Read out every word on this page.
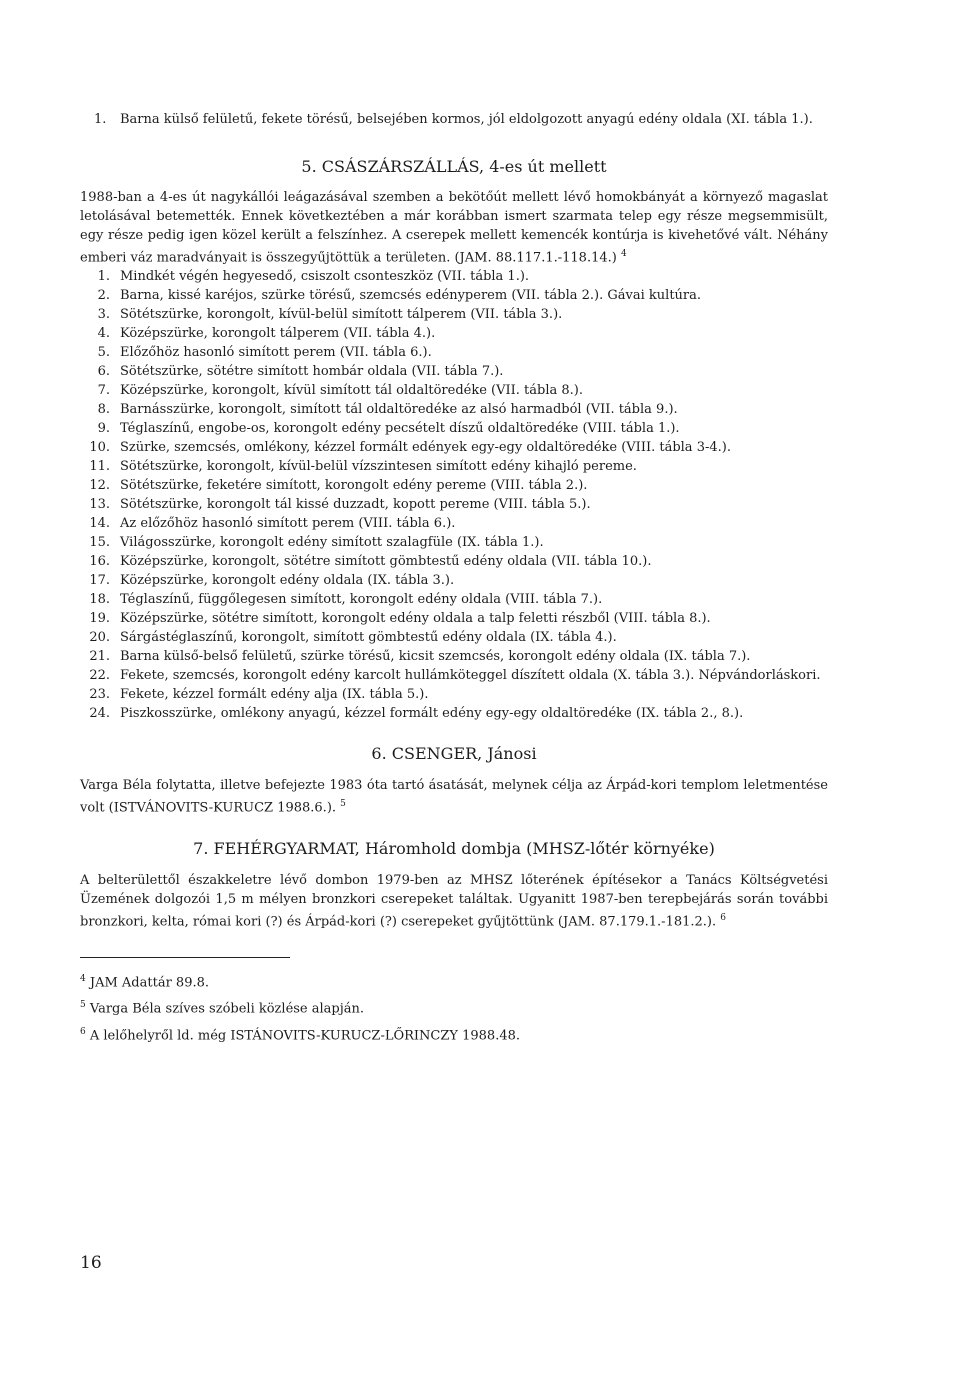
1. Barna külső felületű, fekete törésű, belsejében kormos, jól eldolgozott anyagú edény oldala (XI. tábla 1.).
5. CSÁSZÁRSZÁLLÁS, 4-es út mellett

1988-ban a 4-es út nagykállói leágazásával szemben a bekötőút mellett lévő homokbányát a környező magaslat letolásával betemették. Ennek következtében a már korábban ismert szarmata telep egy része megsemmisült, egy része pedig igen közel került a felszínhez. A cserepek mellett kemencék kontúrja is kivehetővé vált. Néhány emberi váz maradványait is összegyűjtöttük a területen. (JAM. 88.117.1.-118.14.) $^4$

1. Mindkét végén hegyesedő, csiszolt csonteszköz (VII. tábla 1.).
2. Barna, kissé karéjos, szürke törésű, szemcsés edényperem (VII. tábla 2.). Gávai kultúra.
3. Sötétszürke, korongolt, kívül-belül simított tálperem (VII. tábla 3.).
4. Középszürke, korongolt tálperem (VII. tábla 4.).
5. Előzőhöz hasonló simított perem (VII. tábla 6.).
6. Sötétszürke, sötétre simított hombár oldala (VII. tábla 7.).
7. Középszürke, korongolt, kívül simított tál oldaltöredéke (VII. tábla 8.).
8. Barnásszürke, korongolt, simított tál oldaltöredéke az alsó harmadból (VII. tábla 9.).
9. Téglaszínű, engobe-os, korongolt edény pecsételt díszű oldaltöredéke (VIII. tábla 1.).
10. Szürke, szemcsés, omlékony, kézzel formált edények egy-egy oldaltöredéke (VIII. tábla 3-4.).
11. Sötétszürke, korongolt, kívül-belül vízszintesen simított edény kihajló pereme.
12. Sötétszürke, feketére simított, korongolt edény pereme (VIII. tábla 2.).
13. Sötétszürke, korongolt tál kissé duzzadt, kopott pereme (VIII. tábla 5.).
14. Az előzőhöz hasonló simított perem (VIII. tábla 6.).
15. Világosszürke, korongolt edény simított szalagfüle (IX. tábla 1.).
16. Középszürke, korongolt, sötétre simított gömbtestű edény oldala (VII. tábla 10.).
17. Középszürke, korongolt edény oldala (IX. tábla 3.).
18. Téglaszínű, függőlegesen simított, korongolt edény oldala (VIII. tábla 7.).
19. Középszürke, sötétre simított, korongolt edény oldala a talp feletti részből (VIII. tábla 8.).
20. Sárgástéglaszínű, korongolt, simított gömbtestű edény oldala (IX. tábla 4.).
21. Barna külső-belső felületű, szürke törésű, kicsit szemcsés, korongolt edény oldala (IX. tábla 7.).
22. Fekete, szemcsés, korongolt edény karcolt hullámköteggel díszített oldala (X. tábla 3.). Népvándorláskori.
23. Fekete, kézzel formált edény alja (IX. tábla 5.).
24. Piszkosszürke, omlékony anyagú, kézzel formált edény egy-egy oldaltöredéke (IX. tábla 2., 8.).
6. CSENGER, Jánosi

Varga Béla folytatta, illetve befejezte 1983 óta tartó ásatását, melynek célja az Árpád-kori templom leletmentése volt (ISTVÁNOVITS-KURUCZ 1988.6.). $^5$

7. FEHÉRGYARMAT, Háromhold dombja (MHSZ-lőtér környéke)

A belterülettől északkeletre lévő dombon 1979-ben az MHSZ lőterének építésekor a Tanács Költségvetési Üzemének dolgozói 1,5 m mélyen bronzkori cserepeket találtak. Ugyanitt 1987-ben terepbejárás során további bronzkori, kelta, római kori (?) és Árpád-kori (?) cserepeket gyűjtöttünk (JAM. 87.179.1.-181.2.). $^6$

$^4$ JAM Adattár 89.8.
$^5$ Varga Béla szíves szóbeli közlése alapján.
$^6$ A lelőhelyről ld. még ISTÁNOVITS-KURUCZ-LŐRINCZY 1988.48.
16
